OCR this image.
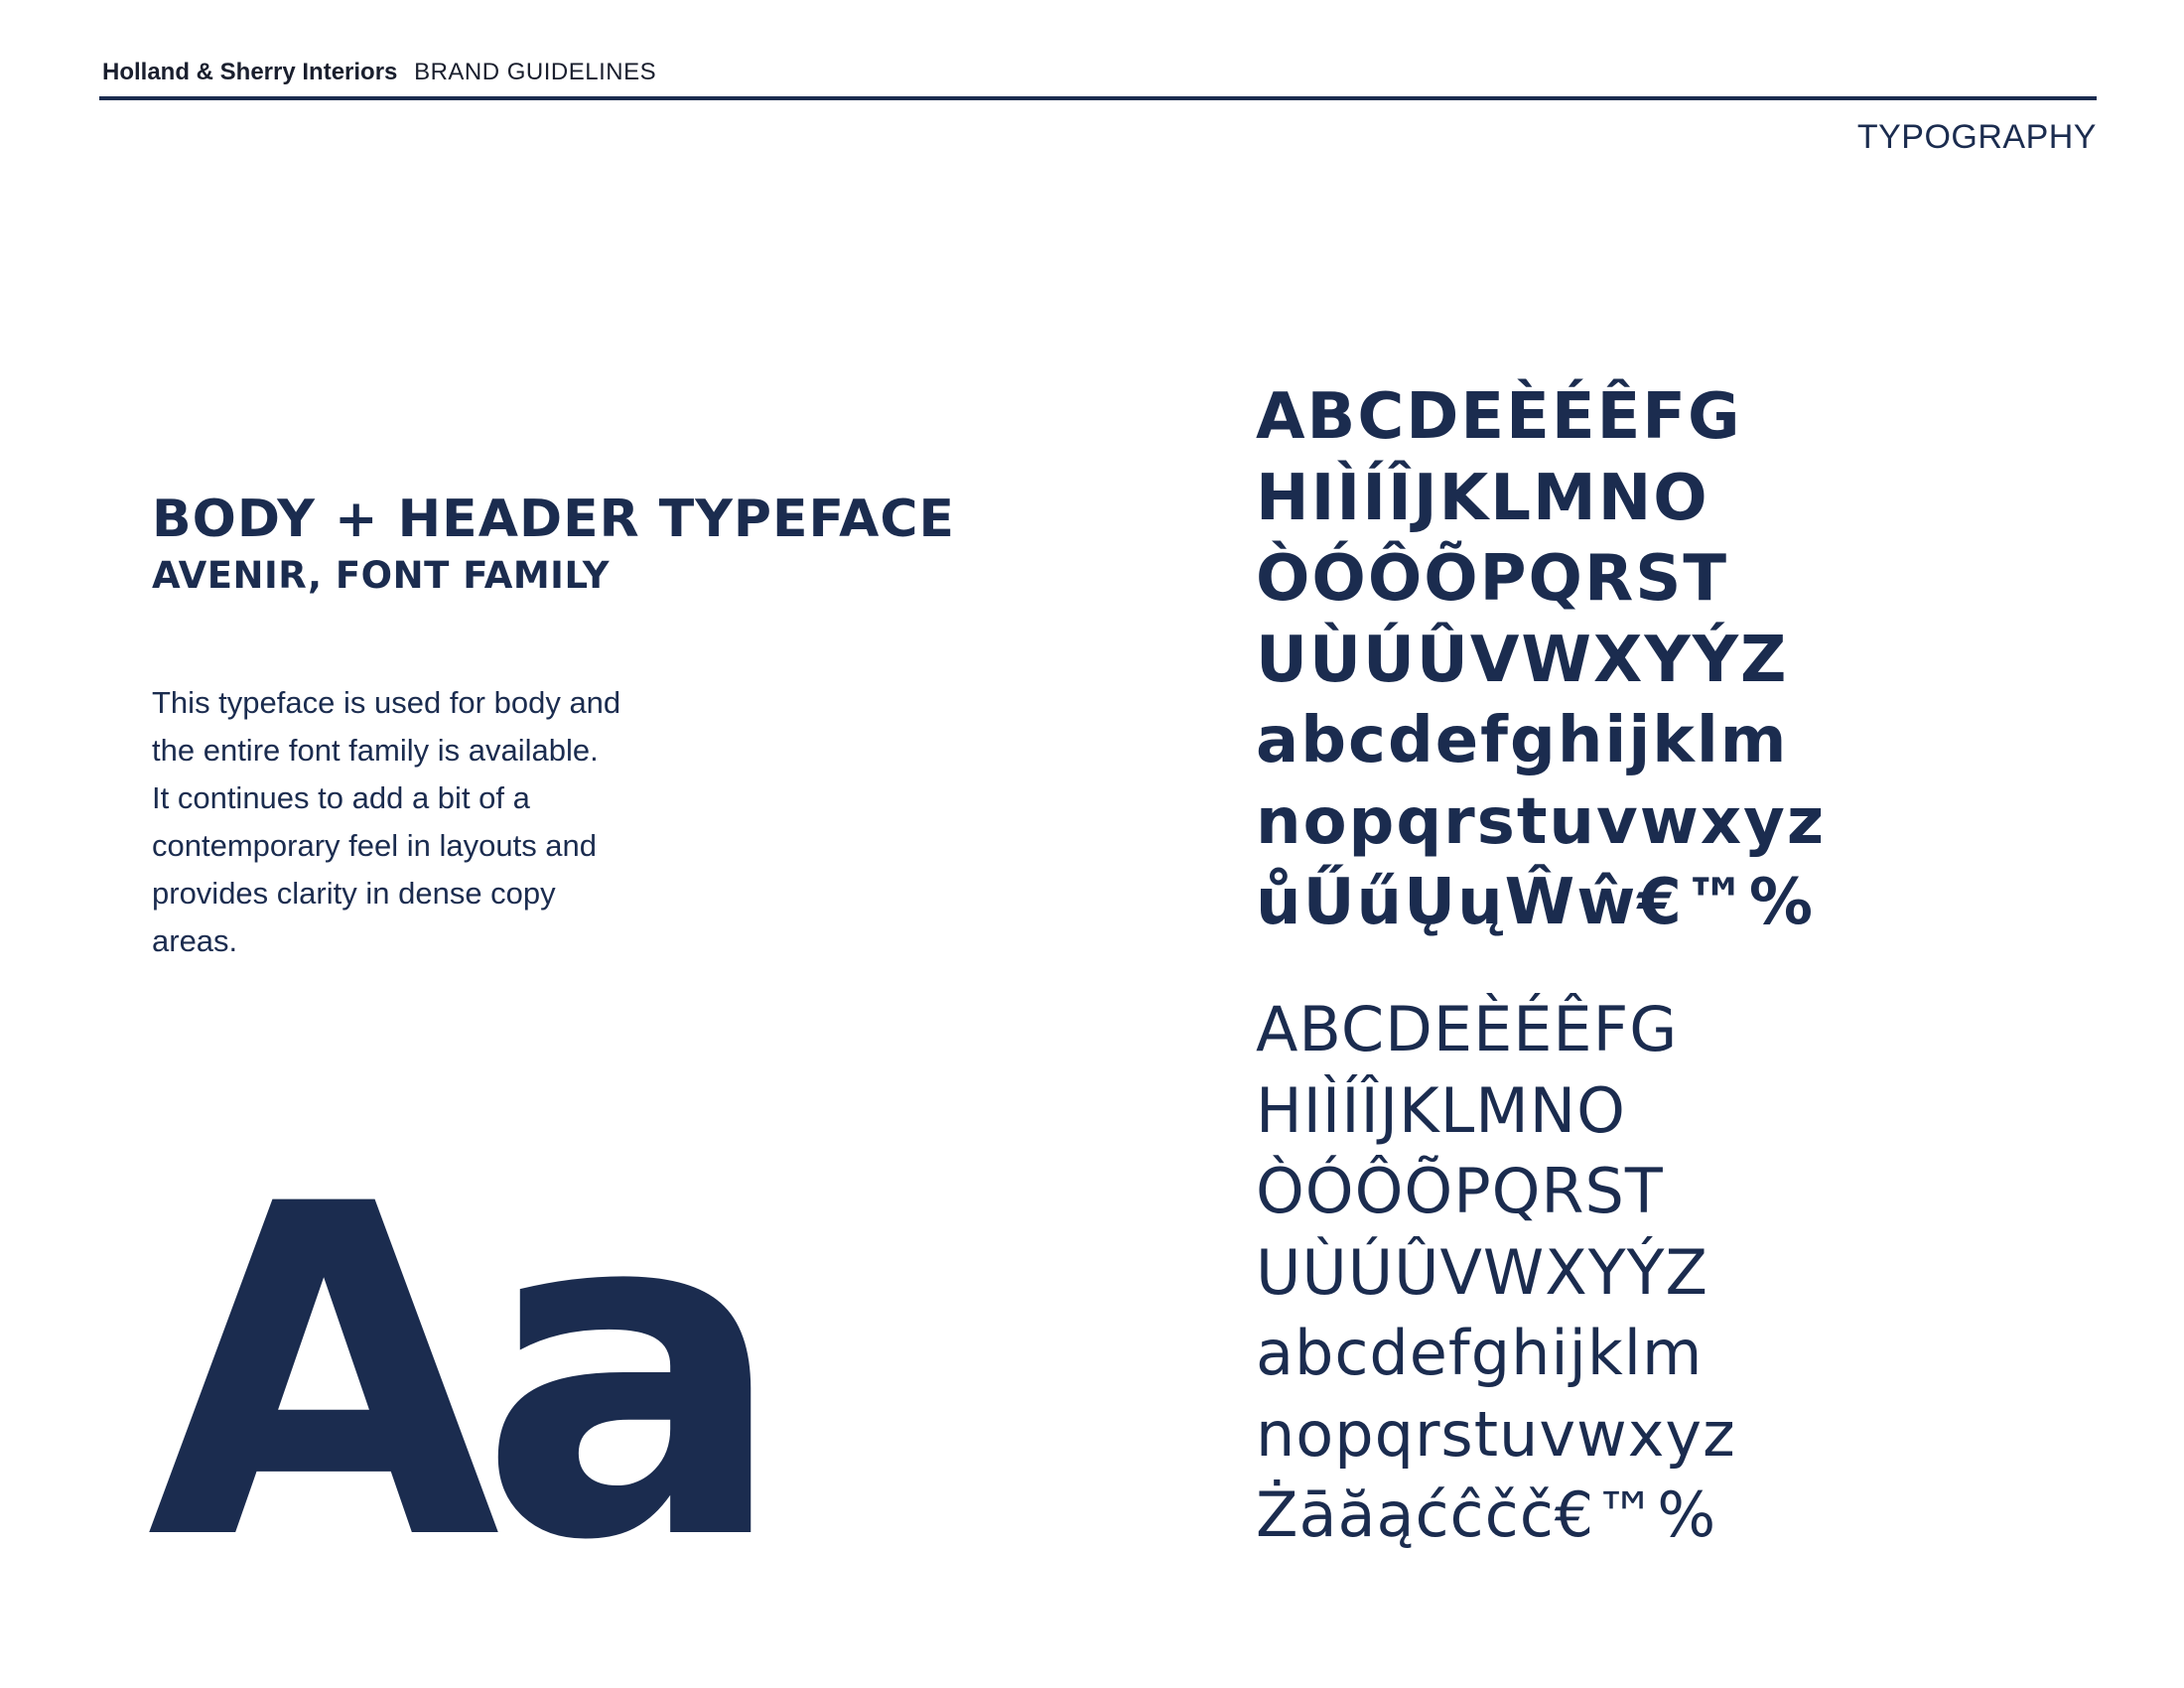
Holland & Sherry Interiors BRAND GUIDELINES
TYPOGRAPHY
BODY + HEADER TYPEFACE
AVENIR, FONT FAMILY

This typeface is used for body and
the entire font family is available.
It continues to add a bit of a
contemporary feel in layouts and
provides clarity in dense copy
areas.

Aa
ABCDEÈÉÊFG
HIÌÍÎJKLMNO
ÒÓÔÕPQRST
UÙÚÛVWXYÝZ
abcdefghijklm
nopqrstuvwxyz
ůŰűŲųŴŵ€™%
ABCDEÈÉÊFG
HIÌÍÎJKLMNO
ÒÓÔÕPQRST
UÙÚÛVWXYÝZ
abcdefghijklm
nopqrstuvwxyz
Żāăąćĉčč€™%
